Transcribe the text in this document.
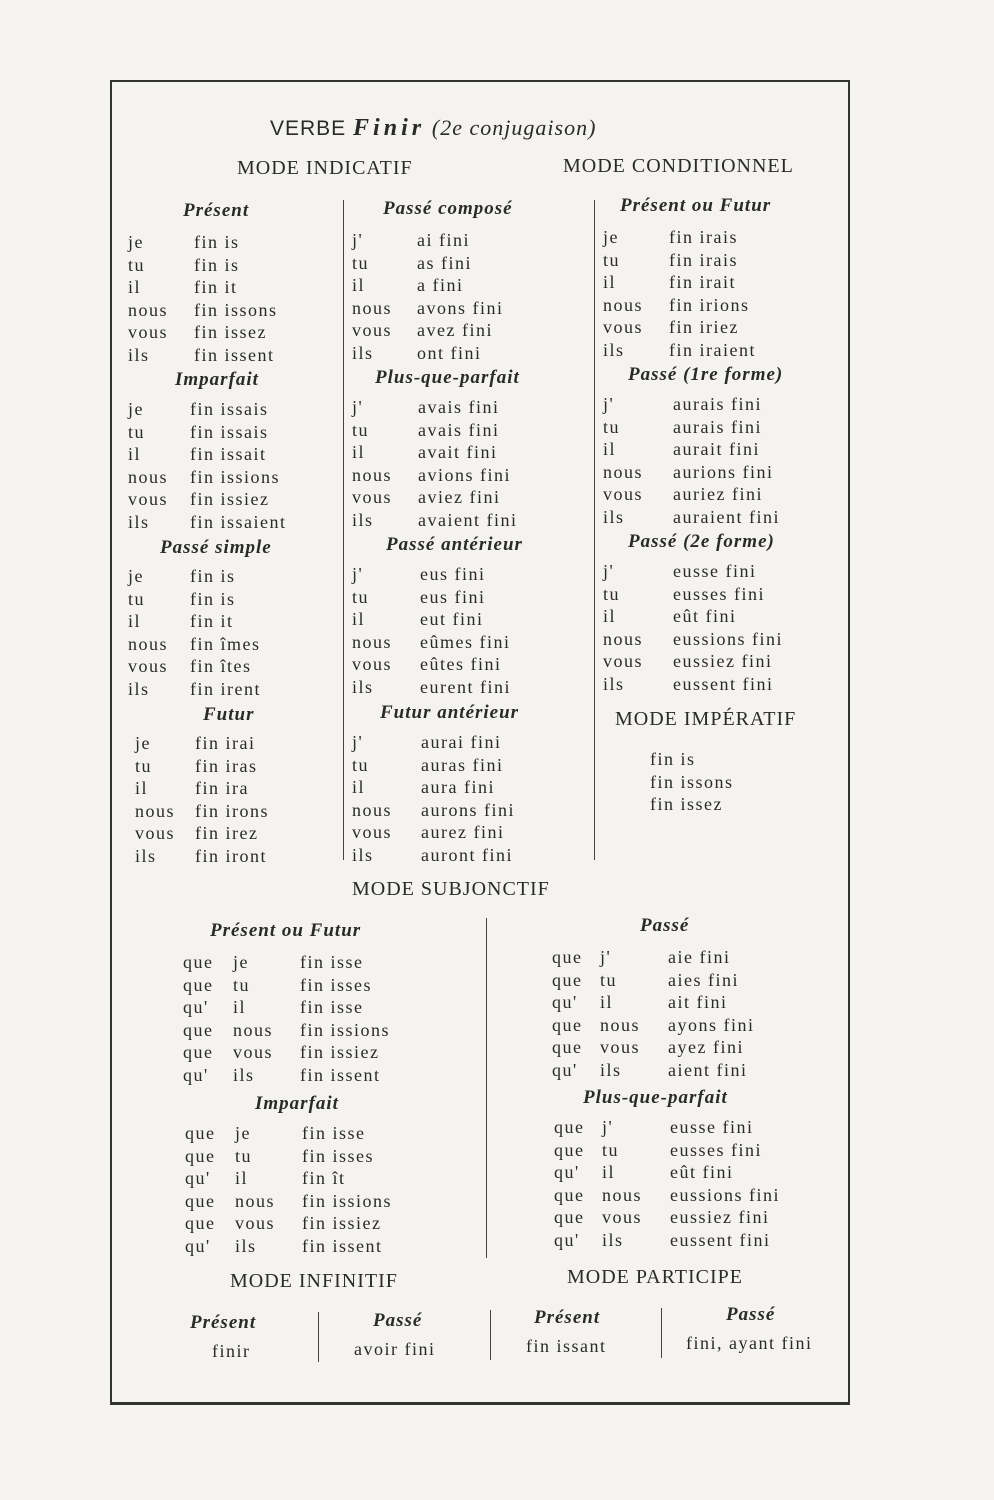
VERBE Finir (2e conjugaison)
MODE INDICATIF	MODE CONDITIONNEL
Présent
je	fin is
tu	fin is
il	fin it
nous fin issons
vous fin issez
ils fin issent
Imparfait
je	fin issais
tu fin issais
il	fin issait
nous fin issions
vous fin issiez
ils fin issaient
Passé simple
je	fin is
tu fin is
il	fin it
nous fin îmes
vous fin îtes
ils fin irent
Futur
je fin irai
tu fin iras
il	fin ira
nous fin irons
vous fin irez
ils fin iront
Passé composé
j'	ai fini
tu	as fini
il	a fini
nous avons fini
vous avez fini
ils ont fini
Plus-que-parfait
j'	avais fini
tu	avais fini
il	avait fini
nous avions fini
vous aviez fini
ils avaient fini
Passé antérieur
j'	eus fini
tu	eus fini
il	eut fini
nous eûmes fini
vous eûtes fini
ils	eurent fini
Futur antérieur
j'	aurai fini
tu	auras fini
il	aura fini
nous aurons fini
vous aurez fini
ils	auront fini
Présent ou Futur
je	fin irais
tu	fin irais
il	fin irait
nous fin irions
vous fin iriez
ils fin iraient
Passé (1re forme)
j'	aurais fini
tu	aurais fini
il	aurait fini
nous aurions fini
vous auriez fini
ils	auraient fini
Passé (2e forme)
j'	eusse fini
tu	eusses fini
il	eût fini
nous eussions fini
vous eussiez fini
ils	eussent fini
MODE IMPÉRATIF
fin is
fin issons
fin issez
MODE SUBJONCTIF
Présent ou Futur
que je	fin isse
que tu	fin isses
qu' il	fin isse
que nous fin issions
que vous fin issiez
qu' ils	fin issent
Imparfait
que je	fin isse
que tu	fin isses
qu' il	fin ît
que nous fin issions
que vous fin issiez
qu' ils	fin issent
Passé
que j'	aie fini
que tu	aies fini
qu' il	ait fini
que nous ayons fini
que vous ayez fini
qu' ils	aient fini
Plus-que-parfait
que j'	eusse fini
que tu	eusses fini
qu' il	eût fini
que nous eussions fini
que vous eussiez fini
qu' ils	eussent fini
MODE INFINITIF	MODE PARTICIPE
Présent
finir
Passé
avoir fini
Présent
fin issant
Passé
fini, ayant fini
